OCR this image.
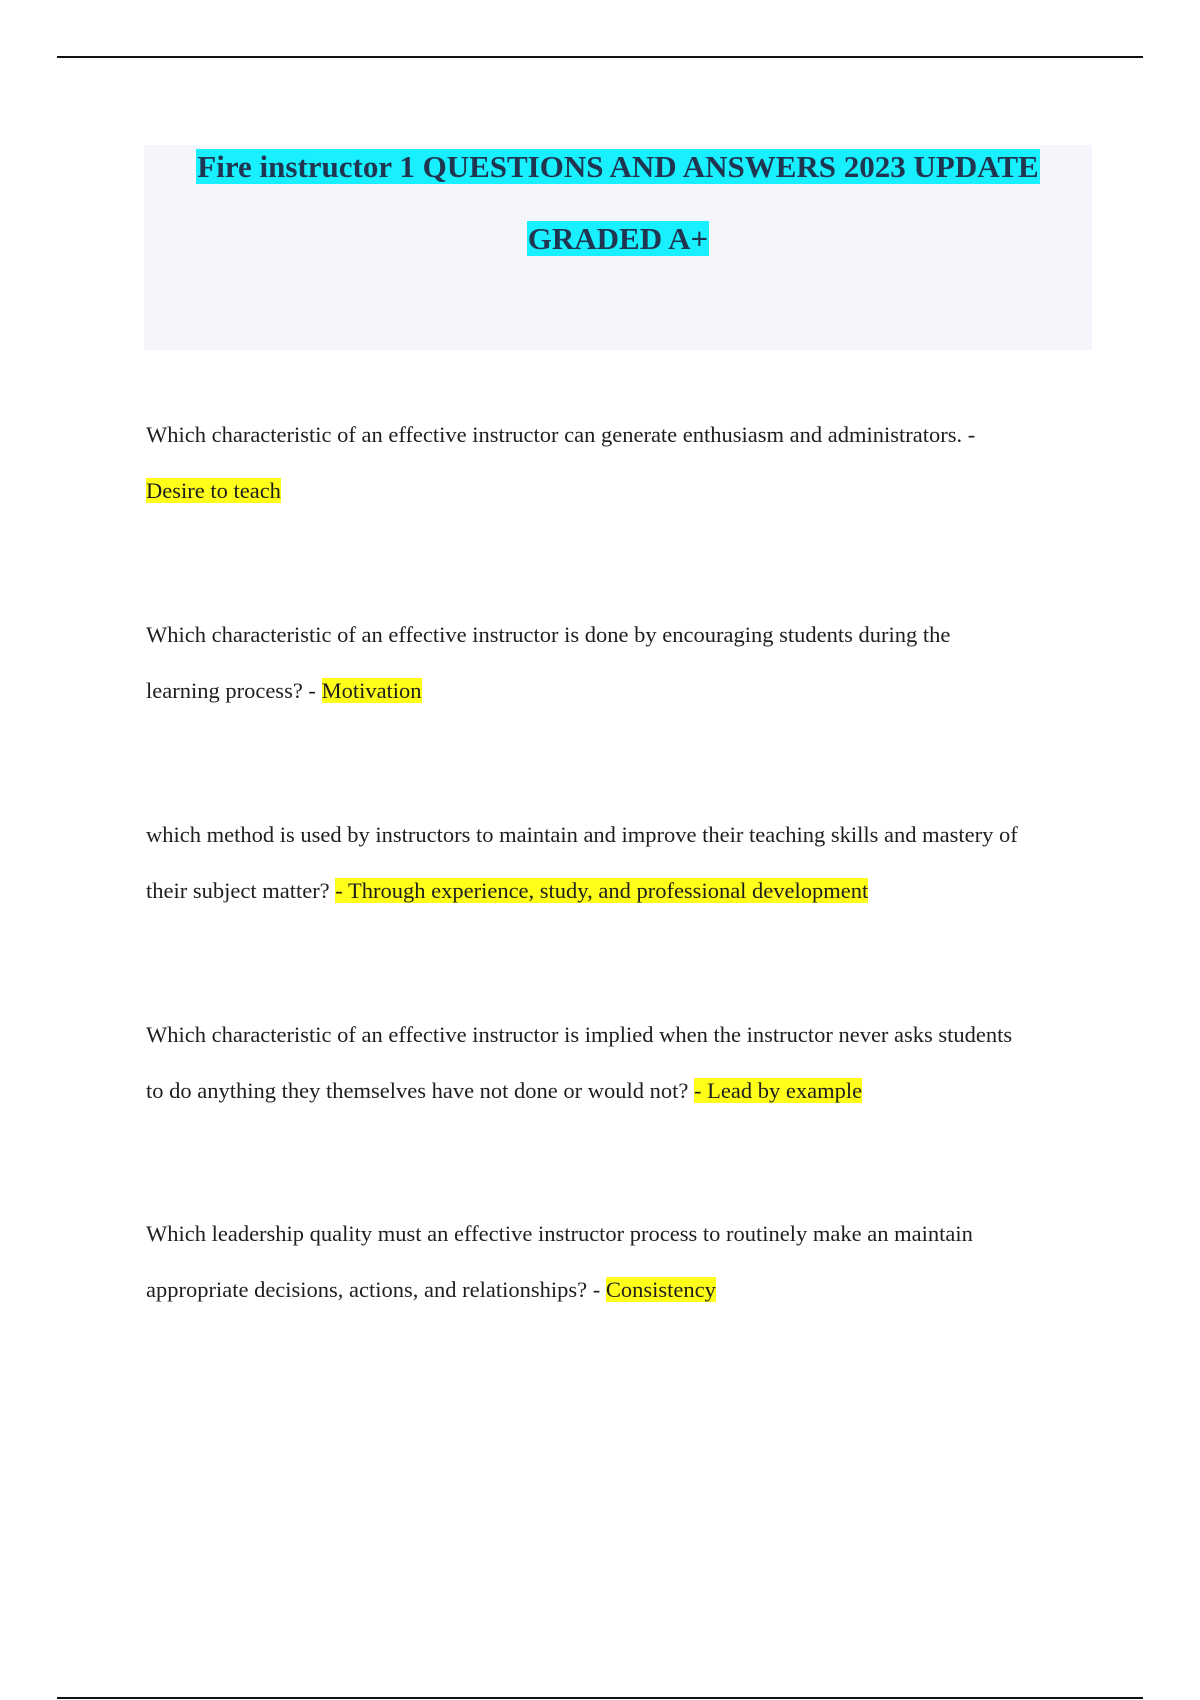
Fire instructor 1 QUESTIONS AND ANSWERS 2023 UPDATE
GRADED A+
Which characteristic of an effective instructor can generate enthusiasm and administrators. -
Desire to teach
Which characteristic of an effective instructor is done by encouraging students during the
learning process? - Motivation
which method is used by instructors to maintain and improve their teaching skills and mastery of
their subject matter? - Through experience, study, and professional development
Which characteristic of an effective instructor is implied when the instructor never asks students
to do anything they themselves have not done or would not? - Lead by example
Which leadership quality must an effective instructor process to routinely make an maintain
appropriate decisions, actions, and relationships? - Consistency
